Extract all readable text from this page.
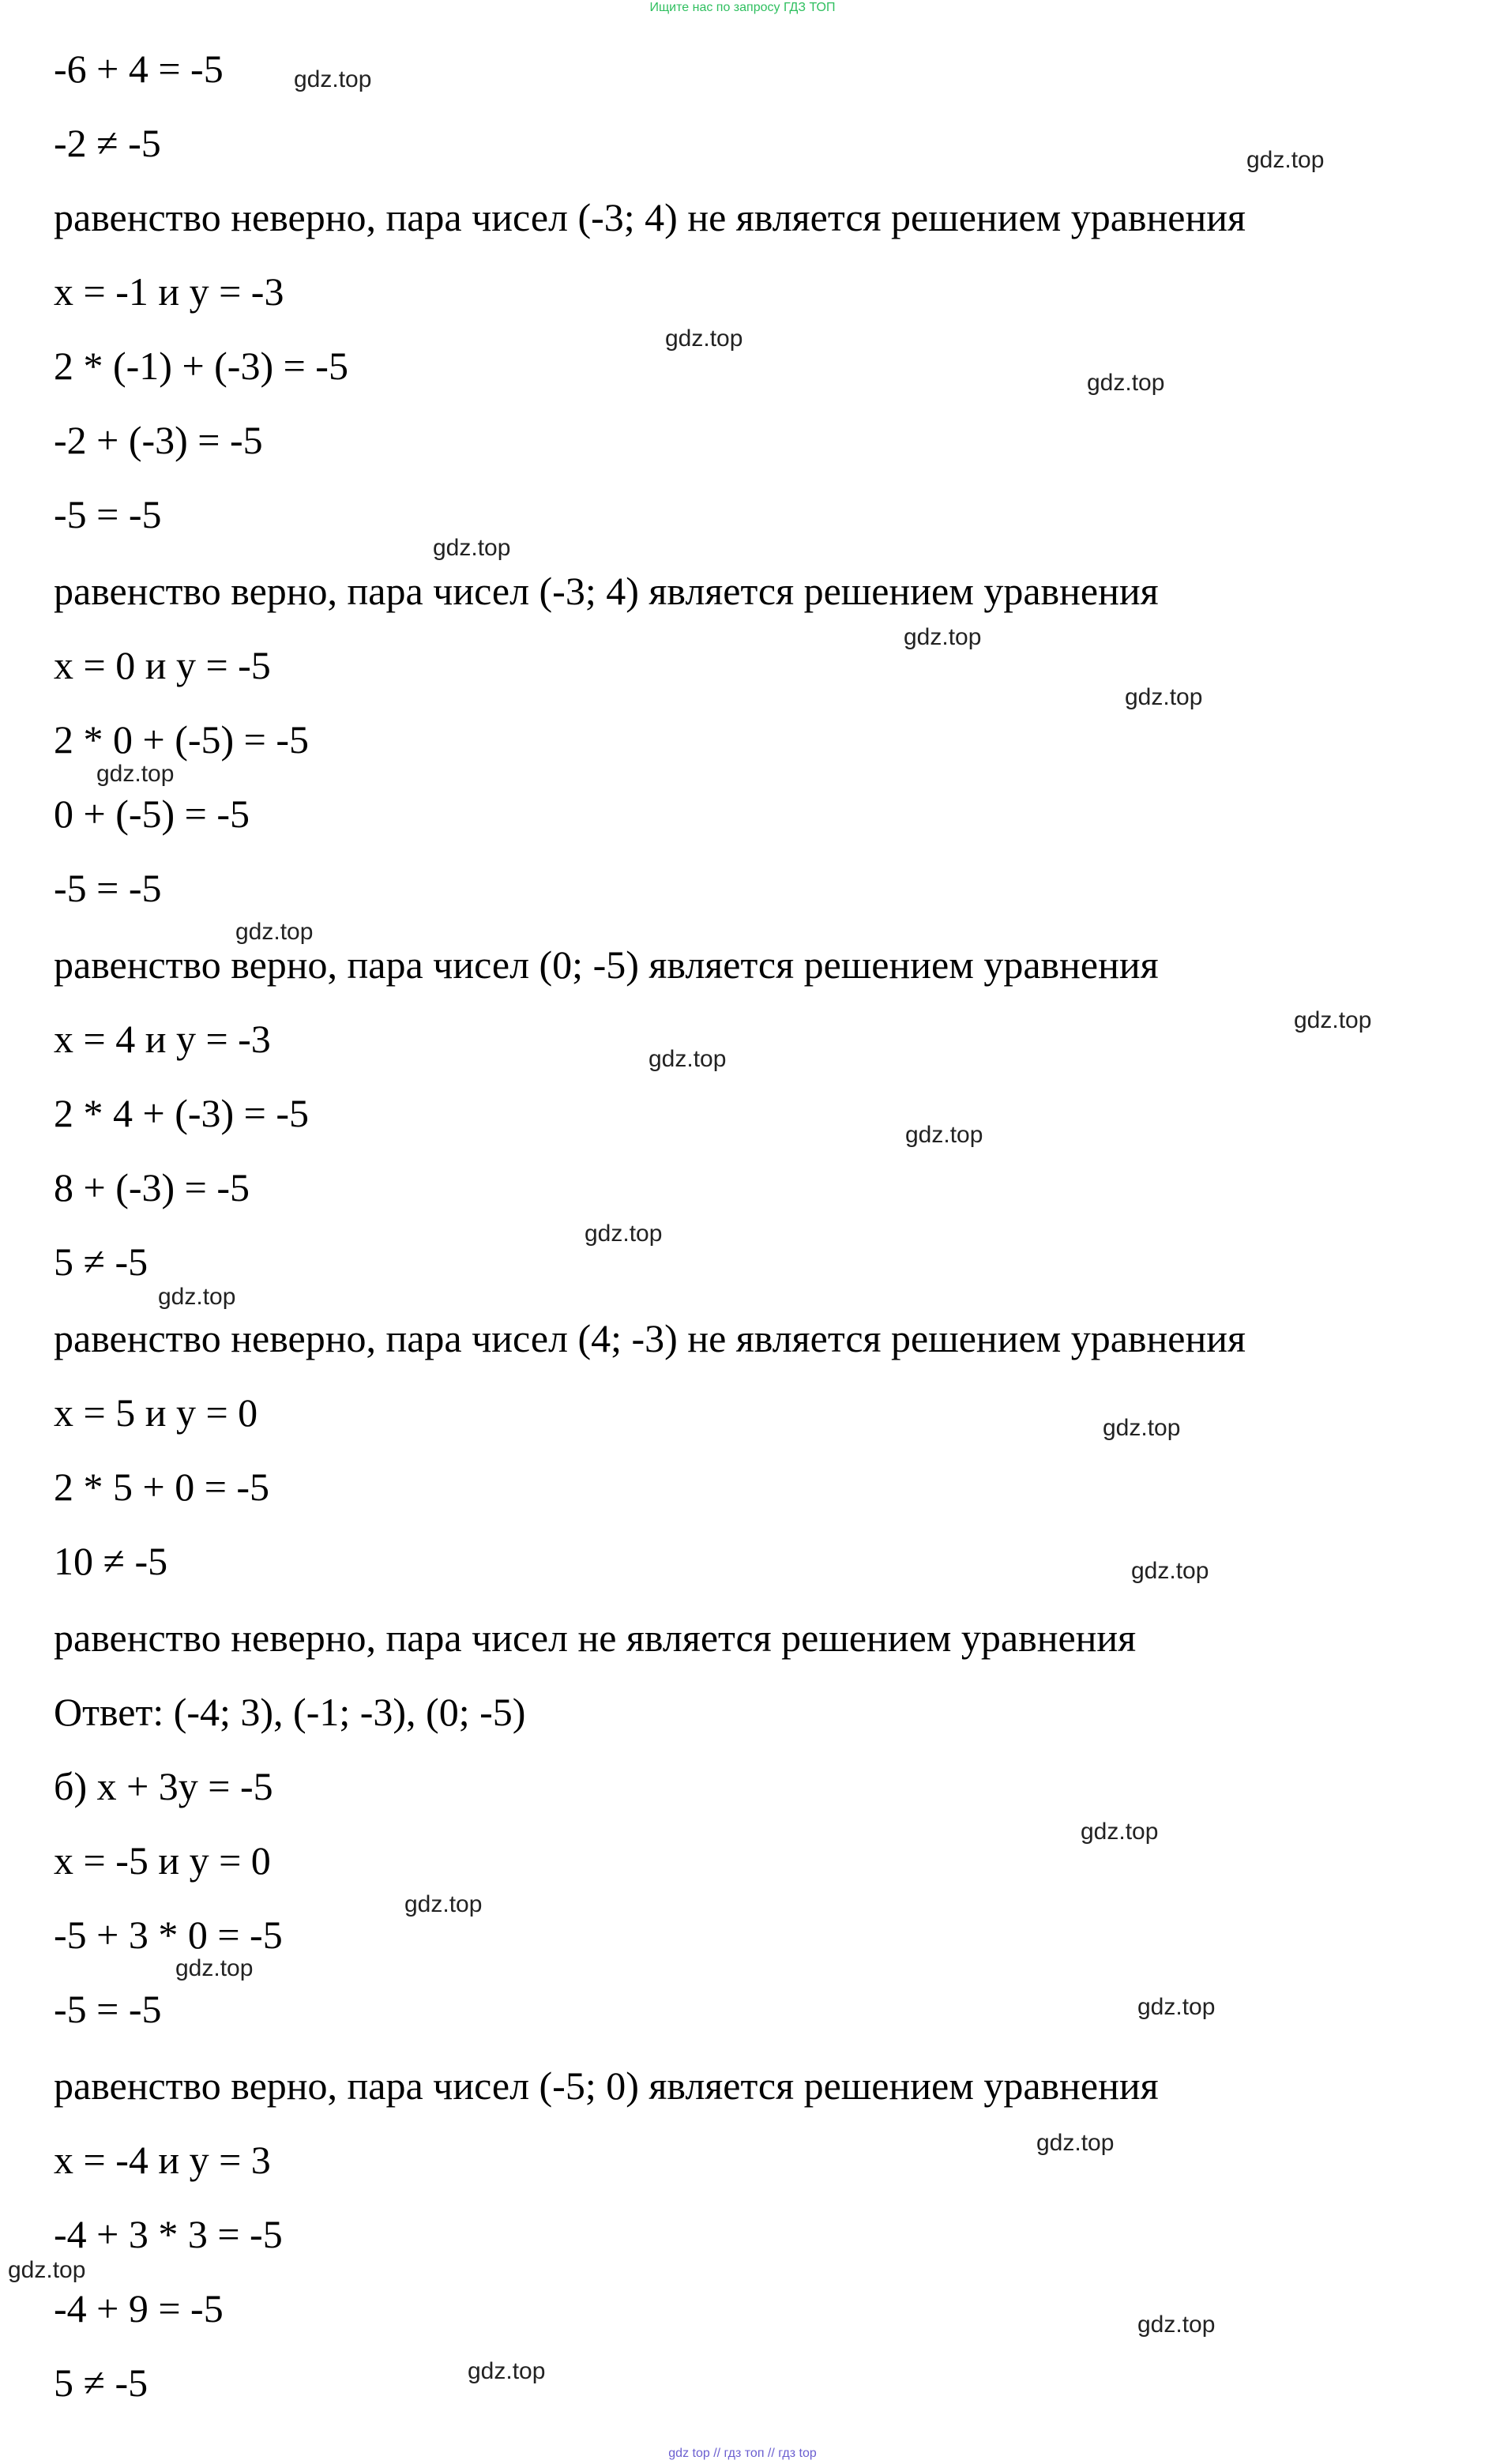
Ищите нас по запросу ГДЗ ТОП
-6 + 4 = -5
-2 ≠ -5
равенство неверно, пара чисел (-3; 4) не является решением уравнения
x = -1 и y = -3
2 * (-1) + (-3) = -5
-2 + (-3) = -5
-5 = -5
равенство верно, пара чисел (-3; 4) является решением уравнения
x = 0 и y = -5
2 * 0 + (-5) = -5
0 + (-5) = -5
-5 = -5
равенство верно, пара чисел (0; -5) является решением уравнения
x = 4 и y = -3
2 * 4 + (-3) = -5
8 + (-3) = -5
5 ≠ -5
равенство неверно, пара чисел (4; -3) не является решением уравнения
x = 5 и y = 0
2 * 5 + 0 = -5
10 ≠ -5
равенство неверно, пара чисел не является решением уравнения
Ответ: (-4; 3), (-1; -3), (0; -5)
б) x + 3y = -5
x = -5 и y = 0
-5 + 3 * 0 = -5
-5 = -5
равенство верно, пара чисел (-5; 0) является решением уравнения
x = -4 и y = 3
-4 + 3 * 3 = -5
-4 + 9 = -5
5 ≠ -5
gdz.top
gdz.top
gdz.top
gdz.top
gdz.top
gdz.top
gdz.top
gdz.top
gdz.top
gdz.top
gdz.top
gdz.top
gdz.top
gdz.top
gdz.top
gdz.top
gdz.top
gdz.top
gdz.top
gdz.top
gdz.top
gdz.top
gdz.top
gdz.top
gdz top // гдз топ // гдз top
